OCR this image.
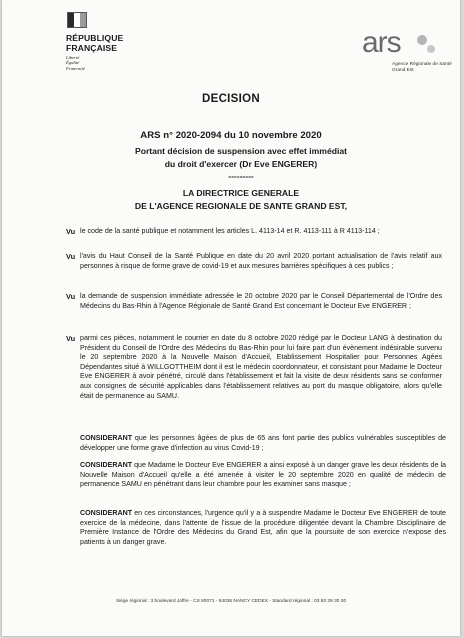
RÉPUBLIQUE
FRANÇAISE
Liberté
Égalité
Fraternité
ars
Agence Régionale de Santé
Grand Est
DECISION
ARS n° 2020-2094 du 10 novembre 2020
Portant décision de suspension avec effet immédiat
du droit d'exercer (Dr Eve ENGERER)
---------
LA DIRECTRICE GENERALE
DE L'AGENCE REGIONALE DE SANTE GRAND EST,
Vu le code de la santé publique et notamment les articles L. 4113-14 et R. 4113-111 à R 4113-114 ;
Vu l'avis du Haut Conseil de la Santé Publique en date du 20 avril 2020 portant actualisation de l'avis relatif aux personnes à risque de forme grave de covid-19 et aux mesures barrières spécifiques à ces publics ;
Vu la demande de suspension immédiate adressée le 20 octobre 2020 par le Conseil Départemental de l'Ordre des Médecins du Bas-Rhin à l'Agence Régionale de Santé Grand Est concernant le Docteur Eve ENGERER ;
Vu parmi ces pièces, notamment le courrier en date du 8 octobre 2020 rédigé par le Docteur LANG à destination du Président du Conseil de l'Ordre des Médecins du Bas-Rhin pour lui faire part d'un évènement indésirable survenu le 20 septembre 2020 à la Nouvelle Maison d'Accueil, Etablissement Hospitalier pour Personnes Agées Dépendantes situé à WILLGOTTHEIM dont il est le médecin coordonnateur, et consistant pour Madame le Docteur Eve ENGERER à avoir pénétré, circulé dans l'établissement et fait la visite de deux résidents sans se conformer aux consignes de sécurité applicables dans l'établissement relatives au port du masque obligatoire, alors qu'elle était de permanence au SAMU.
CONSIDERANT que les personnes âgées de plus de 65 ans font partie des publics vulnérables susceptibles de développer une forme grave d'infection au virus Covid-19 ;
CONSIDERANT que Madame le Docteur Eve ENGERER a ainsi exposé à un danger grave les deux résidents de la Nouvelle Maison d'Accueil qu'elle a été amenée à visiter le 20 septembre 2020 en qualité de médecin de permanence SAMU en pénétrant dans leur chambre pour les examiner sans masque ;
CONSIDERANT en ces circonstances, l'urgence qu'il y a à suspendre Madame le Docteur Eve ENGERER de toute exercice de la médecine, dans l'attente de l'issue de la procédure diligentée devant la Chambre Disciplinaire de Première Instance de l'Ordre des Médecins du Grand Est, afin que la poursuite de son exercice n'expose des patients à un danger grave.
Siège régional : 3 boulevard Joffre - CS 80071 - 54036 NANCY CEDEX - Standard régional : 03 83 39 30 30
